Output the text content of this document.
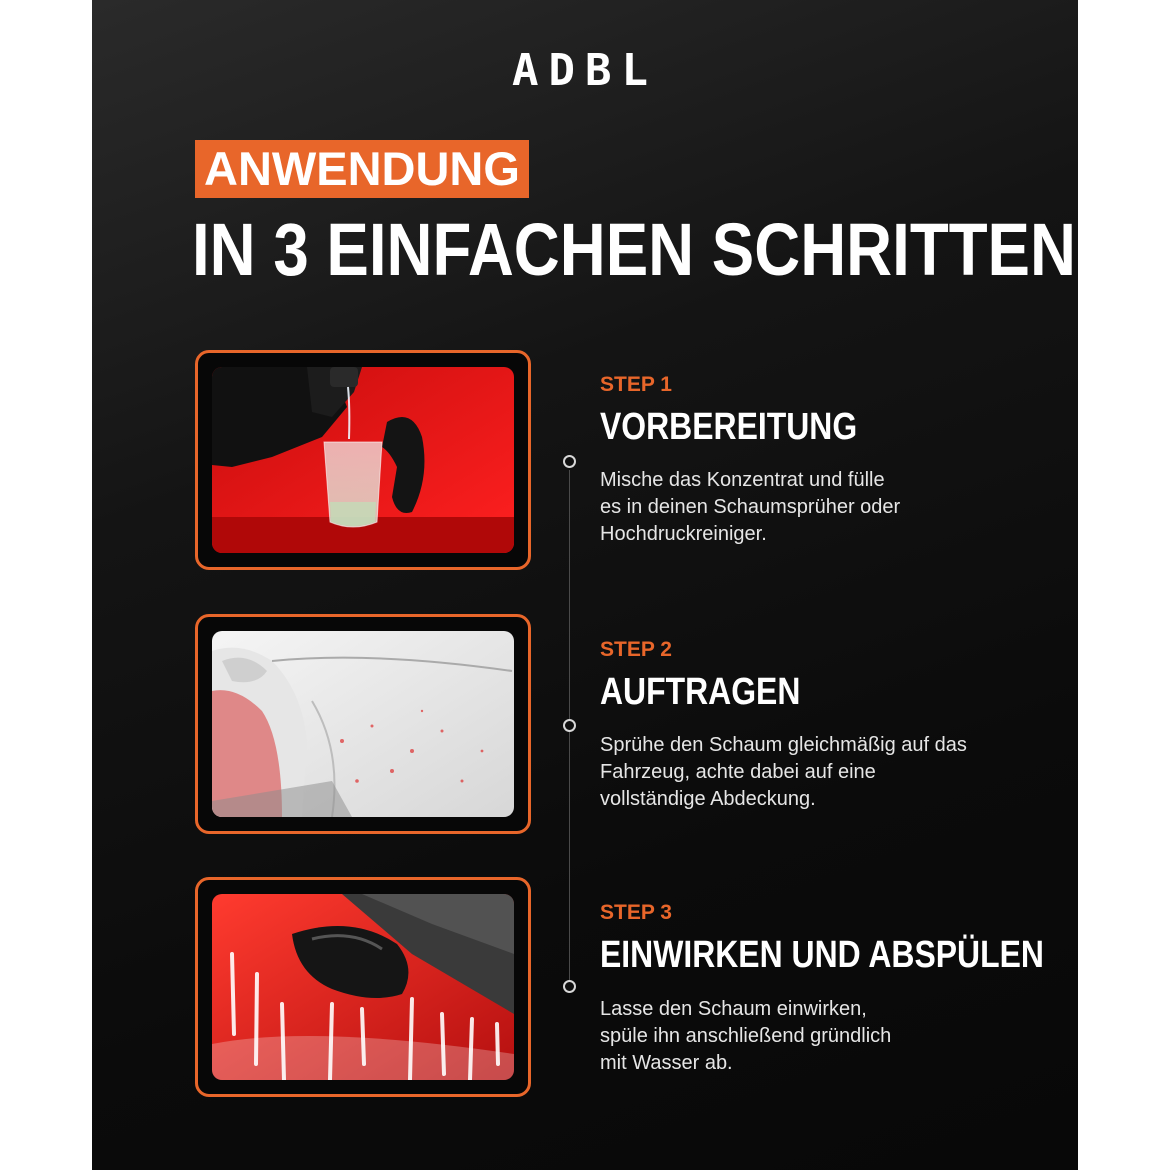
ADBL
ANWENDUNG
IN 3 EINFACHEN SCHRITTEN
STEP 1
VORBEREITUNG
Mische das Konzentrat und fülle
es in deinen Schaumsprüher oder
Hochdruckreiniger.
STEP 2
AUFTRAGEN
Sprühe den Schaum gleichmäßig auf das
Fahrzeug, achte dabei auf eine
vollständige Abdeckung.
STEP 3
EINWIRKEN UND ABSPÜLEN
Lasse den Schaum einwirken,
spüle ihn anschließend gründlich
mit Wasser ab.
